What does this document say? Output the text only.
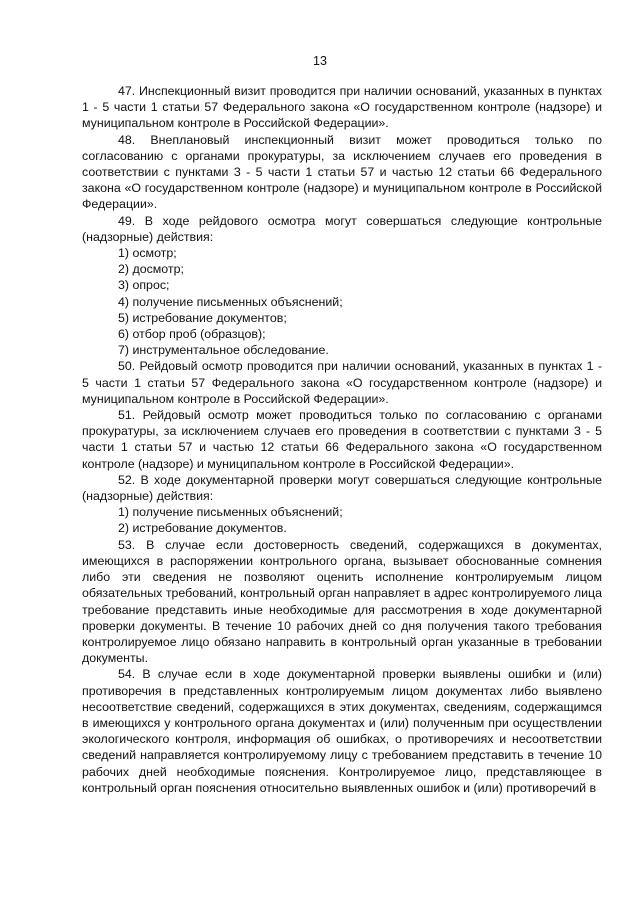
13

47. Инспекционный визит проводится при наличии оснований, указанных в пунктах 1 - 5 части 1 статьи 57 Федерального закона «О государственном контроле (надзоре) и муниципальном контроле в Российской Федерации».

48. Внеплановый инспекционный визит может проводиться только по согласованию с органами прокуратуры, за исключением случаев его проведения в соответствии с пунктами 3 - 5 части 1 статьи 57 и частью 12 статьи 66 Федерального закона «О государственном контроле (надзоре) и муниципальном контроле в Российской Федерации».

49. В ходе рейдового осмотра могут совершаться следующие контрольные (надзорные) действия:

1) осмотр;

2) досмотр;

3) опрос;

4) получение письменных объяснений;

5) истребование документов;

6) отбор проб (образцов);

7) инструментальное обследование.

50. Рейдовый осмотр проводится при наличии оснований, указанных в пунктах 1 - 5 части 1 статьи 57 Федерального закона «О государственном контроле (надзоре) и муниципальном контроле в Российской Федерации».

51. Рейдовый осмотр может проводиться только по согласованию с органами прокуратуры, за исключением случаев его проведения в соответствии с пунктами 3 - 5 части 1 статьи 57 и частью 12 статьи 66 Федерального закона «О государственном контроле (надзоре) и муниципальном контроле в Российской Федерации».

52. В ходе документарной проверки могут совершаться следующие контрольные (надзорные) действия:

1) получение письменных объяснений;

2) истребование документов.

53. В случае если достоверность сведений, содержащихся в документах, имеющихся в распоряжении контрольного органа, вызывает обоснованные сомнения либо эти сведения не позволяют оценить исполнение контролируемым лицом обязательных требований, контрольный орган направляет в адрес контролируемого лица требование представить иные необходимые для рассмотрения в ходе документарной проверки документы. В течение 10 рабочих дней со дня получения такого требования контролируемое лицо обязано направить в контрольный орган указанные в требовании документы.

54. В случае если в ходе документарной проверки выявлены ошибки и (или) противоречия в представленных контролируемым лицом документах либо выявлено несоответствие сведений, содержащихся в этих документах, сведениям, содержащимся в имеющихся у контрольного органа документах и (или) полученным при осуществлении экологического контроля, информация об ошибках, о противоречиях и несоответствии сведений направляется контролируемому лицу с требованием представить в течение 10 рабочих дней необходимые пояснения. Контролируемое лицо, представляющее в контрольный орган пояснения относительно выявленных ошибок и (или) противоречий в
